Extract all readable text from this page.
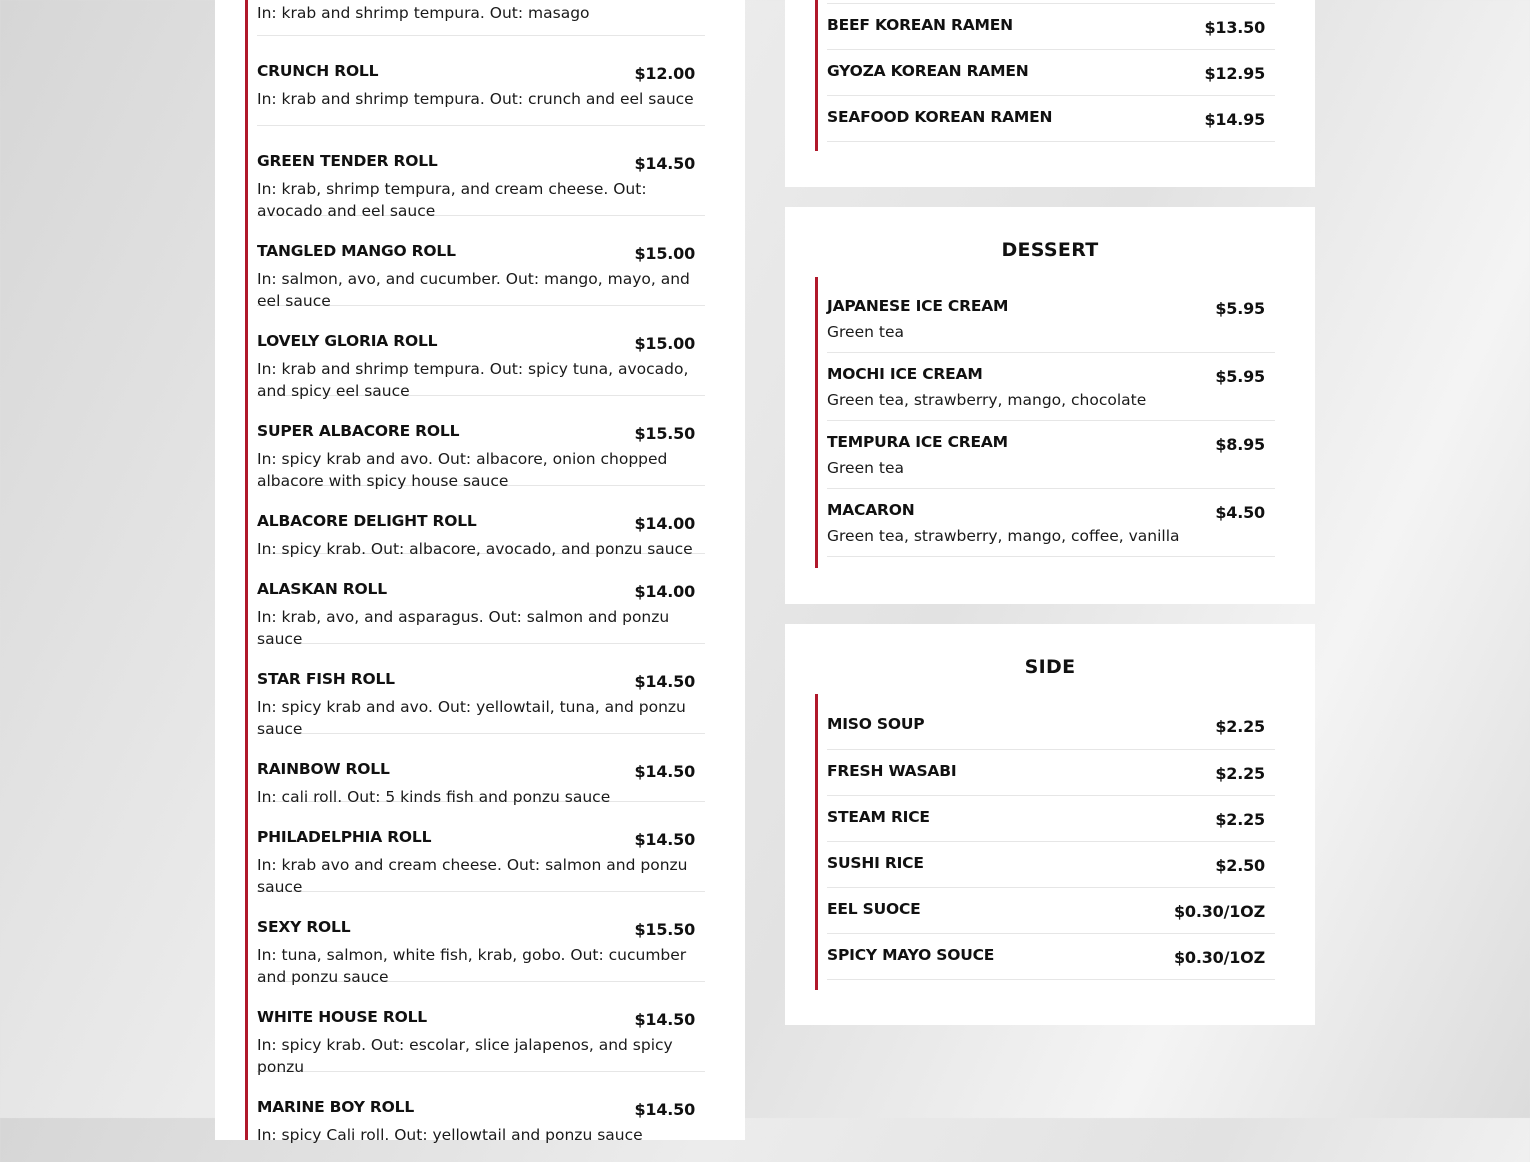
In: krab and shrimp tempura. Out: masago
CRUNCH ROLL	$12.00
In: krab and shrimp tempura. Out: crunch and eel sauce
GREEN TENDER ROLL	$14.50
In: krab, shrimp tempura, and cream cheese. Out: avocado and eel sauce
TANGLED MANGO ROLL	$15.00
In: salmon, avo, and cucumber. Out: mango, mayo, and eel sauce
LOVELY GLORIA ROLL	$15.00
In: krab and shrimp tempura. Out: spicy tuna, avocado, and spicy eel sauce
SUPER ALBACORE ROLL	$15.50
In: spicy krab and avo. Out: albacore, onion chopped albacore with spicy house sauce
ALBACORE DELIGHT ROLL	$14.00
In: spicy krab. Out: albacore, avocado, and ponzu sauce
ALASKAN ROLL	$14.00
In: krab, avo, and asparagus. Out: salmon and ponzu sauce
STAR FISH ROLL	$14.50
In: spicy krab and avo. Out: yellowtail, tuna, and ponzu sauce
RAINBOW ROLL	$14.50
In: cali roll. Out: 5 kinds fish and ponzu sauce
PHILADELPHIA ROLL	$14.50
In: krab avo and cream cheese. Out: salmon and ponzu sauce
SEXY ROLL	$15.50
In: tuna, salmon, white fish, krab, gobo. Out: cucumber and ponzu sauce
WHITE HOUSE ROLL	$14.50
In: spicy krab. Out: escolar, slice jalapenos, and spicy ponzu
MARINE BOY ROLL	$14.50
In: spicy Cali roll. Out: yellowtail and ponzu sauce
BEEF KOREAN RAMEN	$13.50
GYOZA KOREAN RAMEN	$12.95
SEAFOOD KOREAN RAMEN	$14.95
DESSERT
JAPANESE ICE CREAM	$5.95
Green tea
MOCHI ICE CREAM	$5.95
Green tea, strawberry, mango, chocolate
TEMPURA ICE CREAM	$8.95
Green tea
MACARON	$4.50
Green tea, strawberry, mango, coffee, vanilla
SIDE
MISO SOUP	$2.25
FRESH WASABI	$2.25
STEAM RICE	$2.25
SUSHI RICE	$2.50
EEL SUOCE	$0.30/1OZ
SPICY MAYO SOUCE	$0.30/1OZ
